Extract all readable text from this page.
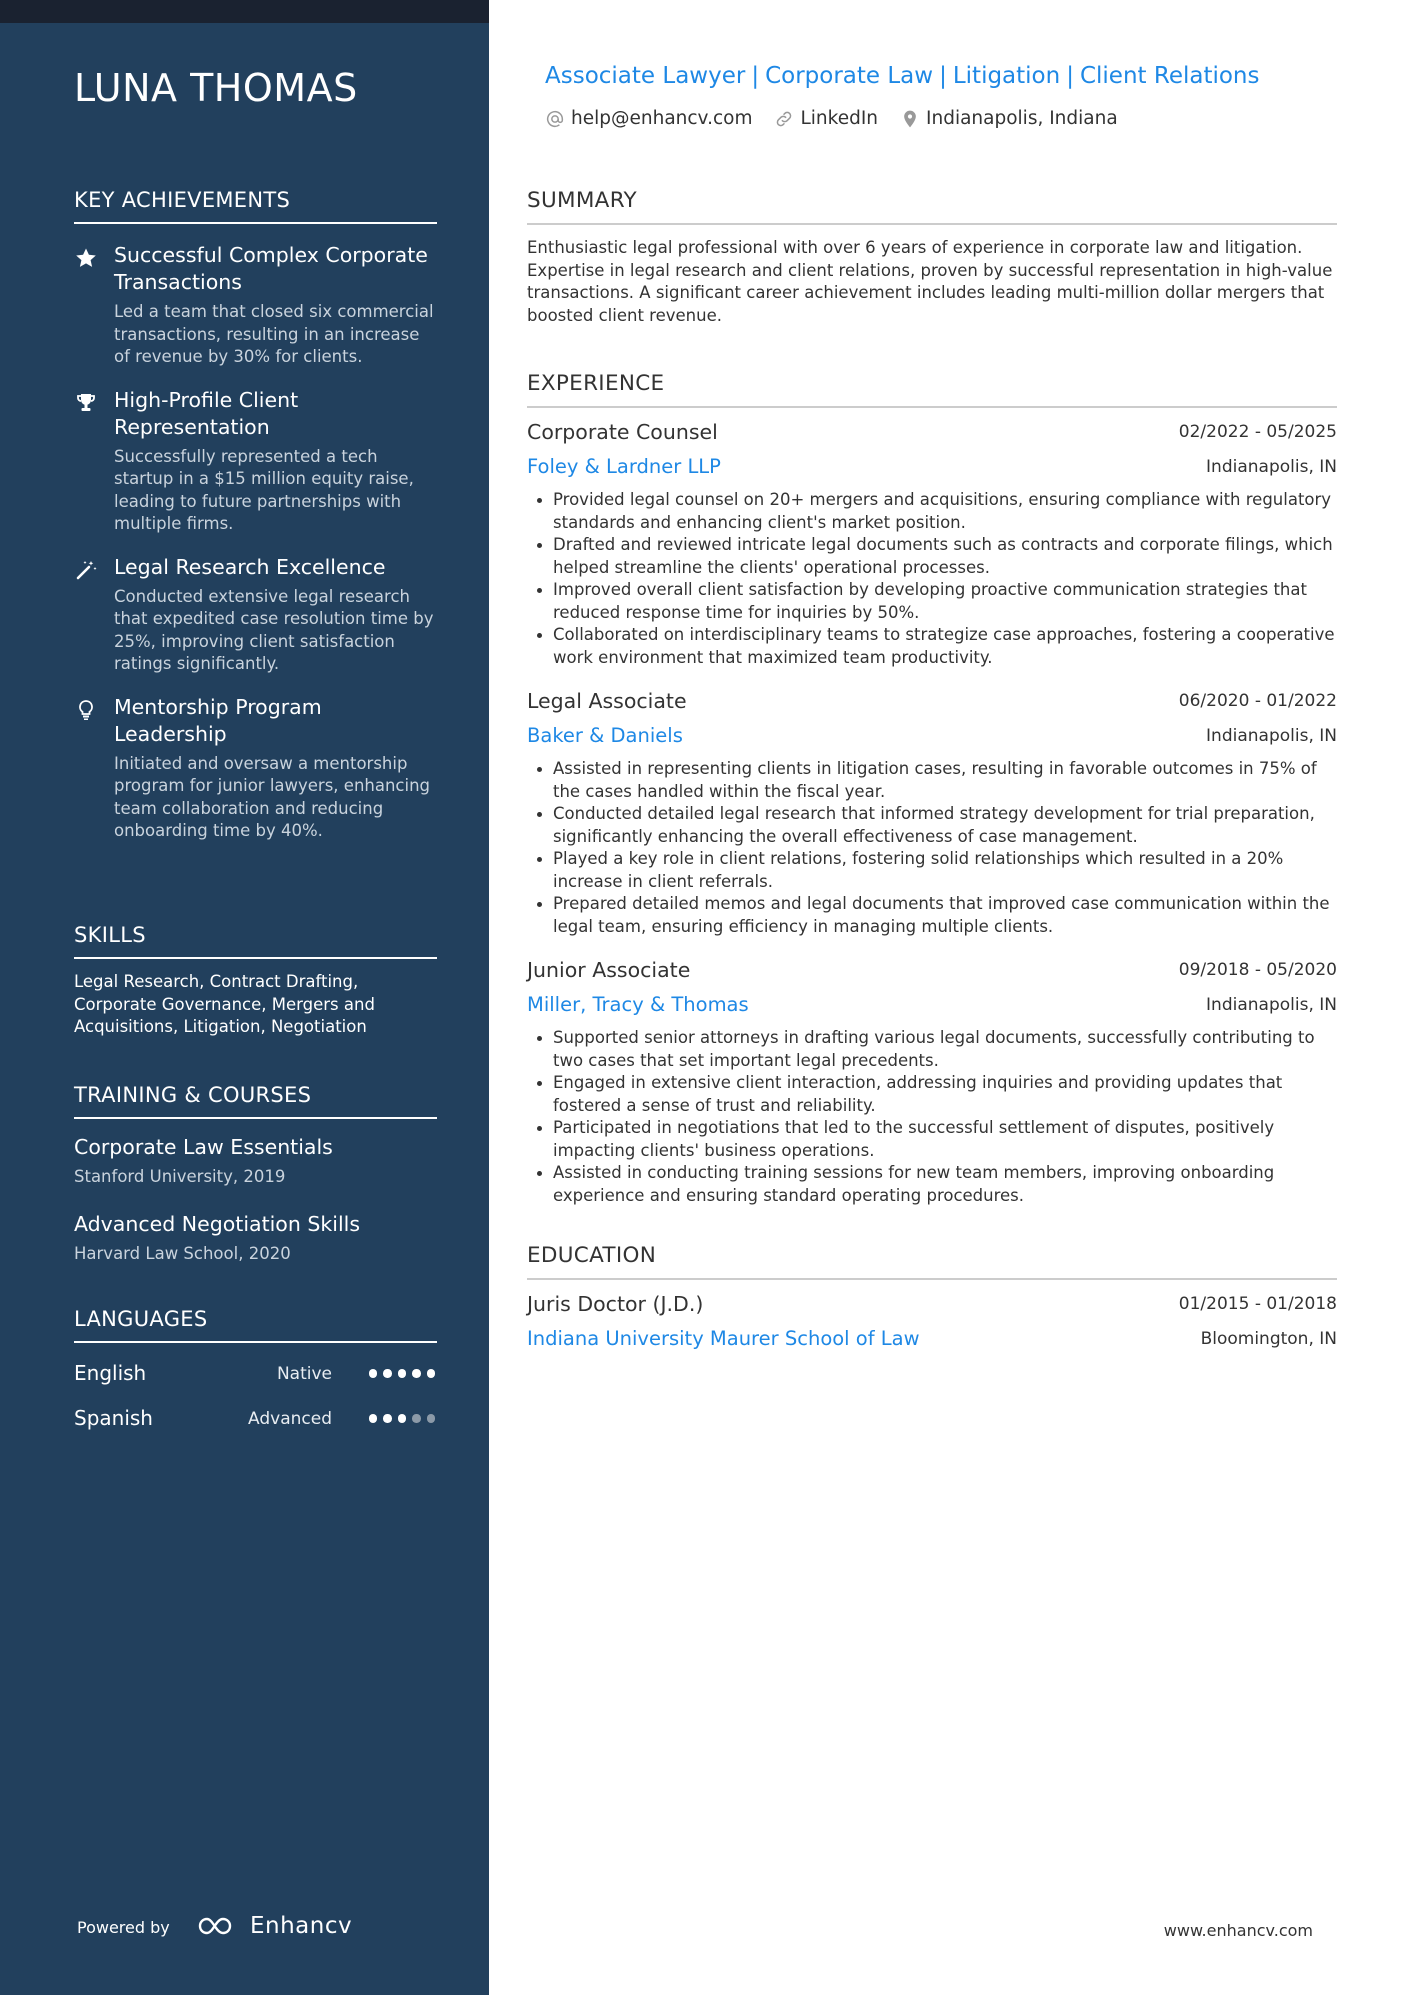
LUNA THOMAS
KEY ACHIEVEMENTS
Successful Complex Corporate Transactions
Led a team that closed six commercial transactions, resulting in an increase of revenue by 30% for clients.
High-Profile Client Representation
Successfully represented a tech startup in a $15 million equity raise, leading to future partnerships with multiple firms.
Legal Research Excellence
Conducted extensive legal research that expedited case resolution time by 25%, improving client satisfaction ratings significantly.
Mentorship Program Leadership
Initiated and oversaw a mentorship program for junior lawyers, enhancing team collaboration and reducing onboarding time by 40%.
SKILLS
Legal Research, Contract Drafting, Corporate Governance, Mergers and Acquisitions, Litigation, Negotiation
TRAINING & COURSES
Corporate Law Essentials
Stanford University, 2019
Advanced Negotiation Skills
Harvard Law School, 2020
LANGUAGES
English	Native
Spanish	Advanced
Powered by	Enhancv
Associate Lawyer | Corporate Law | Litigation | Client Relations
help@enhancv.com	LinkedIn	Indianapolis, Indiana
SUMMARY
Enthusiastic legal professional with over 6 years of experience in corporate law and litigation. Expertise in legal research and client relations, proven by successful representation in high-value transactions. A significant career achievement includes leading multi-million dollar mergers that boosted client revenue.
EXPERIENCE
Corporate Counsel	02/2022 - 05/2025
Foley & Lardner LLP	Indianapolis, IN
Provided legal counsel on 20+ mergers and acquisitions, ensuring compliance with regulatory standards and enhancing client's market position.
Drafted and reviewed intricate legal documents such as contracts and corporate filings, which helped streamline the clients' operational processes.
Improved overall client satisfaction by developing proactive communication strategies that reduced response time for inquiries by 50%.
Collaborated on interdisciplinary teams to strategize case approaches, fostering a cooperative work environment that maximized team productivity.
Legal Associate	06/2020 - 01/2022
Baker & Daniels	Indianapolis, IN
Assisted in representing clients in litigation cases, resulting in favorable outcomes in 75% of the cases handled within the fiscal year.
Conducted detailed legal research that informed strategy development for trial preparation, significantly enhancing the overall effectiveness of case management.
Played a key role in client relations, fostering solid relationships which resulted in a 20% increase in client referrals.
Prepared detailed memos and legal documents that improved case communication within the legal team, ensuring efficiency in managing multiple clients.
Junior Associate	09/2018 - 05/2020
Miller, Tracy & Thomas	Indianapolis, IN
Supported senior attorneys in drafting various legal documents, successfully contributing to two cases that set important legal precedents.
Engaged in extensive client interaction, addressing inquiries and providing updates that fostered a sense of trust and reliability.
Participated in negotiations that led to the successful settlement of disputes, positively impacting clients' business operations.
Assisted in conducting training sessions for new team members, improving onboarding experience and ensuring standard operating procedures.
EDUCATION
Juris Doctor (J.D.)	01/2015 - 01/2018
Indiana University Maurer School of Law	Bloomington, IN
www.enhancv.com
